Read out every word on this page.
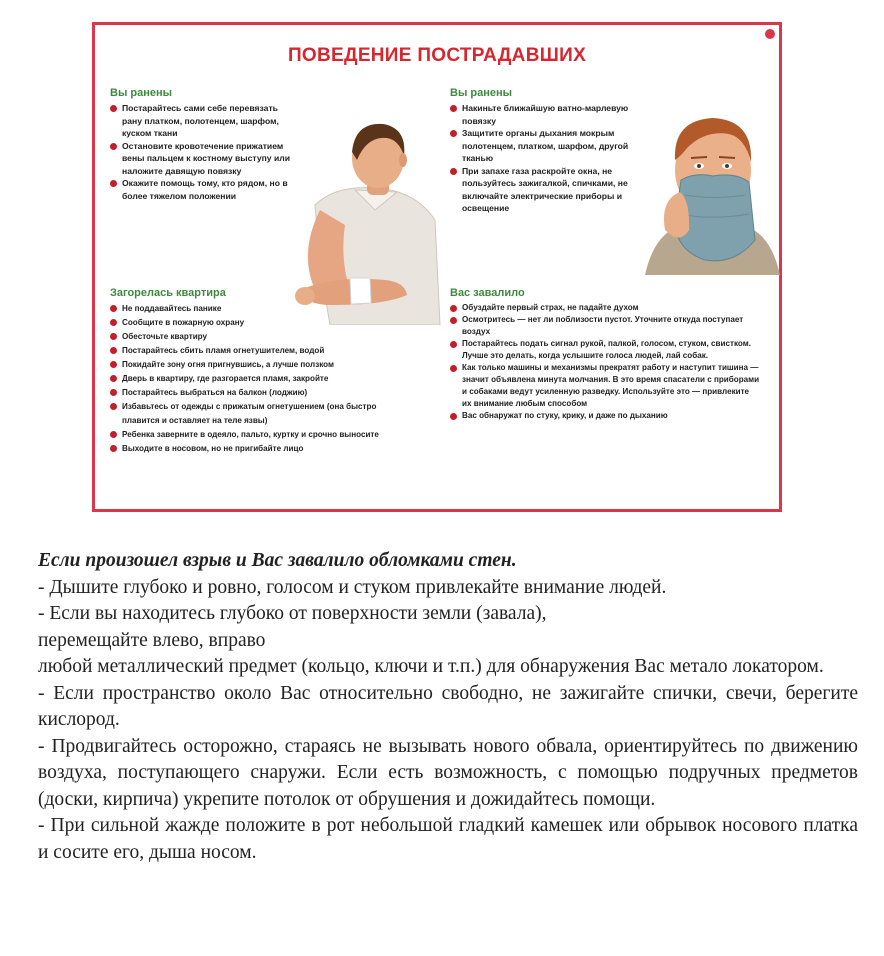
ПОВЕДЕНИЕ ПОСТРАДАВШИХ
Вы ранены
Постарайтесь сами себе перевязать рану платком, полотенцем, шарфом, куском ткани
Остановите кровотечение прижатием вены пальцем к костному выступу или наложите давящую повязку
Окажите помощь тому, кто рядом, но в более тяжелом положении
Вы ранены
Накиньте ближайшую ватно-марлевую повязку
Защитите органы дыхания мокрым полотенцем, платком, шарфом, другой тканью
При запахе газа раскройте окна, не пользуйтесь зажигалкой, спичками, не включайте электрические приборы и освещение
Загорелась квартира
Не поддавайтесь панике
Сообщите в пожарную охрану
Обесточьте квартиру
Постарайтесь сбить пламя огнетушителем, водой
Покидайте зону огня пригнувшись, а лучше ползком
Дверь в квартиру, где разгорается пламя, закройте
Постарайтесь выбраться на балкон (лоджию)
Избавьтесь от одежды с прижатым огнетушением (она быстро плавится и оставляет на теле язвы)
Ребенка заверните в одеяло, пальто, куртку и срочно выносите
Выходите в носовом, но не пригибайте лицо
Вас завалило
Обуздайте первый страх, не падайте духом
Осмотритесь — нет ли поблизости пустот. Уточните откуда поступает воздух
Постарайтесь подать сигнал рукой, палкой, голосом, стуком, свистком. Лучше это делать, когда услышите голоса людей, лай собак.
Как только машины и механизмы прекратят работу и наступит тишина — значит объявлена минута молчания. В это время спасатели с приборами и собаками ведут усиленную разведку. Используйте это — привлеките их внимание любым способом
Вас обнаружат по стуку, крику, и даже по дыханию

Если произошел взрыв и Вас завалило обломками стен.

- Дышите глубоко и ровно, голосом и стуком привлекайте внимание людей.

- Если вы находитесь глубоко от поверхности земли (завала),

перемещайте влево, вправо

любой металлический предмет (кольцо, ключи и т.п.) для обнаружения Вас метало локатором.

- Если пространство около Вас относительно свободно, не зажигайте спички, свечи, берегите кислород.

- Продвигайтесь осторожно, стараясь не вызывать нового обвала, ориентируйтесь по движению воздуха, поступающего снаружи. Если есть возможность, с помощью подручных предметов (доски, кирпича) укрепите потолок от обрушения и дожидайтесь помощи.

- При сильной жажде положите в рот небольшой гладкий камешек или обрывок носового платка и сосите его, дыша носом.
